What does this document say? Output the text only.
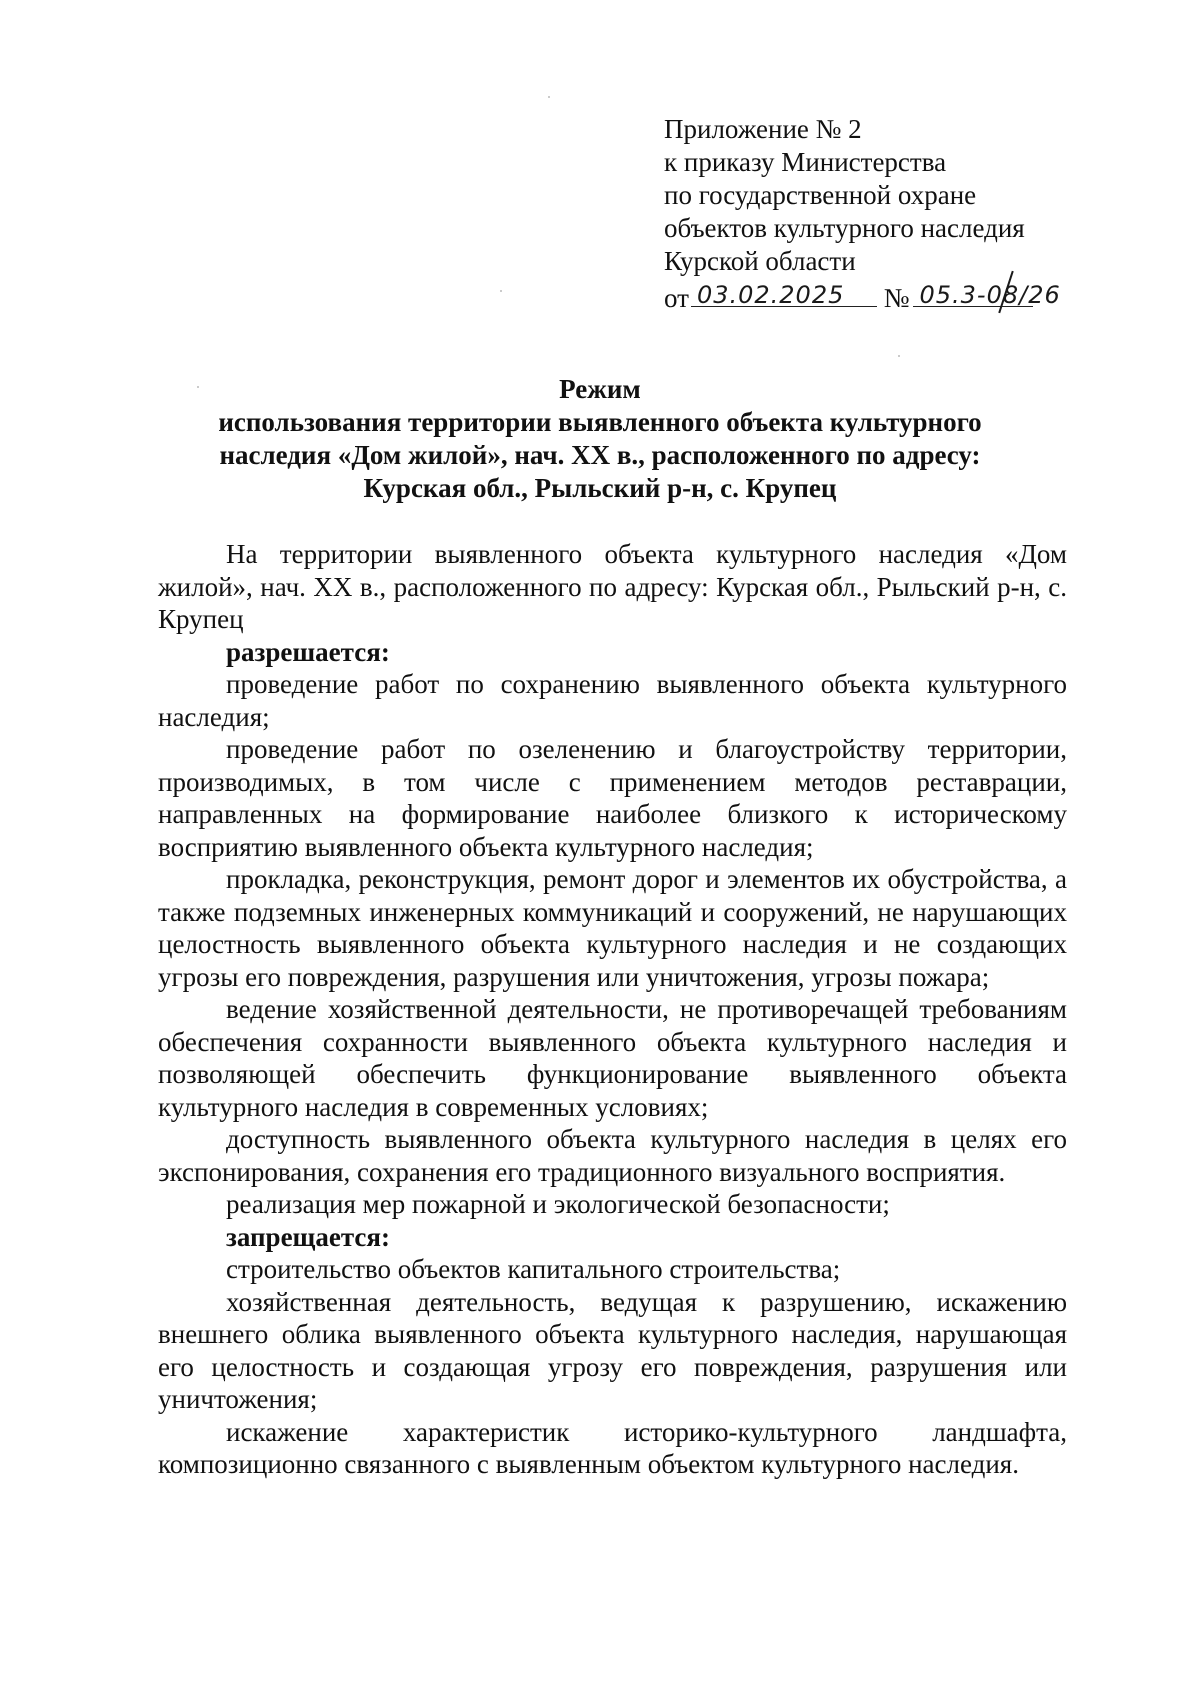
Приложение № 2
к приказу Министерства
по государственной охране
объектов культурного наследия
Курской области
от 03.02.2025 № 05.3-08/26
Режим
использования территории выявленного объекта культурного
наследия «Дом жилой», нач. XX в., расположенного по адресу:
Курская обл., Рыльский р-н, с. Крупец

На территории выявленного объекта культурного наследия «Дом жилой», нач. XX в., расположенного по адресу: Курская обл., Рыльский р-н, с. Крупец

разрешается:

проведение работ по сохранению выявленного объекта культурного наследия;

проведение работ по озеленению и благоустройству территории, производимых, в том числе с применением методов реставрации, направленных на формирование наиболее близкого к историческому восприятию выявленного объекта культурного наследия;

прокладка, реконструкция, ремонт дорог и элементов их обустройства, а также подземных инженерных коммуникаций и сооружений, не нарушающих целостность выявленного объекта культурного наследия и не создающих угрозы его повреждения, разрушения или уничтожения, угрозы пожара;

ведение хозяйственной деятельности, не противоречащей требованиям обеспечения сохранности выявленного объекта культурного наследия и позволяющей обеспечить функционирование выявленного объекта культурного наследия в современных условиях;

доступность выявленного объекта культурного наследия в целях его экспонирования, сохранения его традиционного визуального восприятия.

реализация мер пожарной и экологической безопасности;

запрещается:

строительство объектов капитального строительства;

хозяйственная деятельность, ведущая к разрушению, искажению внешнего облика выявленного объекта культурного наследия, нарушающая его целостность и создающая угрозу его повреждения, разрушения или уничтожения;

искажение характеристик историко-культурного ландшафта, композиционно связанного с выявленным объектом культурного наследия.
